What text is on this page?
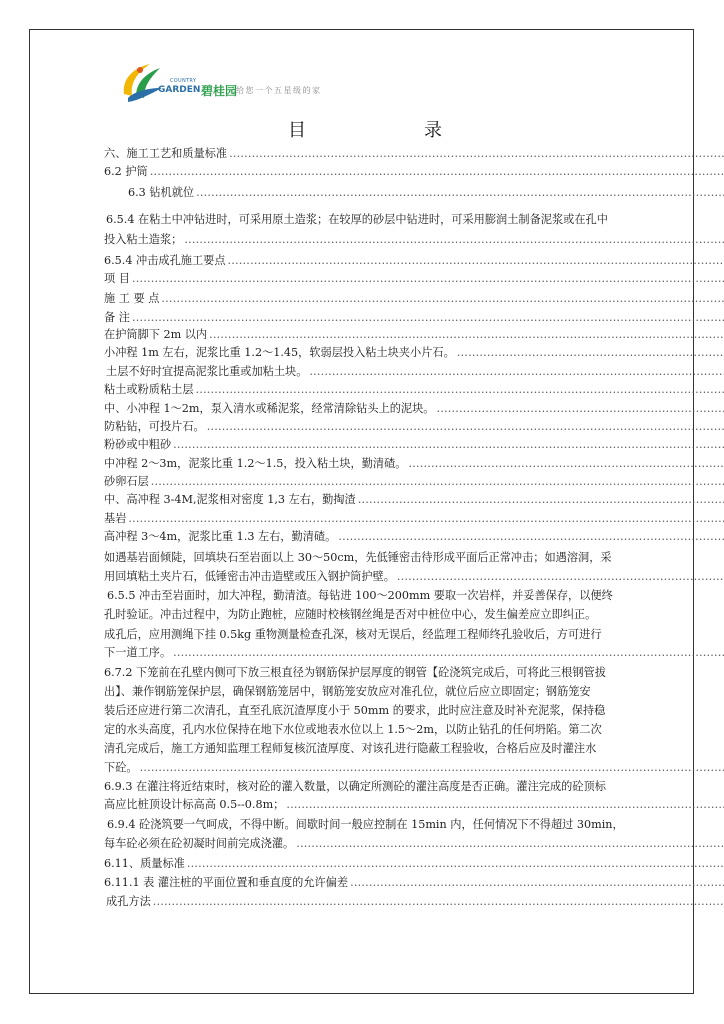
COUNTRY
GARDEN 碧桂园
给您一个五星级的家
目	录
六、施工工艺和质量标准 .....
6.2 护筒 .....
6.3 钻机就位 .....
6.5.4 在粘土中冲钻进时，可采用原土造浆；在较厚的砂层中钻进时，可采用膨润土制备泥浆或在孔中
投入粘土造浆； .....
6.5.4 冲击成孔施工要点 .....
项 目 .....
施 工 要 点 .....
备 注 .....
在护筒脚下 2m 以内 .....
小冲程 1m 左右，泥浆比重 1.2～1.45，软弱层投入粘土块夹小片石。 .....
土层不好时宜提高泥浆比重或加粘土块。 .....
粘土或粉质粘土层 .....
中、小冲程 1～2m，泵入清水或稀泥浆，经常清除钻头上的泥块。 .....
防粘钻，可投片石。 .....
粉砂或中粗砂 .....
中冲程 2～3m，泥浆比重 1.2～1.5，投入粘土块，勤清碴。 .....
砂卵石层 .....
中、高冲程 3-4M,泥浆相对密度 1,3 左右，勤掏渣 .....
基岩 .....
高冲程 3～4m，泥浆比重 1.3 左右，勤清碴。 .....
如遇基岩面倾陡，回填块石至岩面以上 30～50cm，先低锤密击待形成平面后正常冲击；如遇溶洞，采
用回填粘土夹片石，低锤密击冲击造壁或压入钢护筒护壁。 .....
6.5.5 冲击至岩面时，加大冲程，勤清渣。每钻进 100～200mm 要取一次岩样，并妥善保存，以便终
孔时验证。冲击过程中，为防止跑桩，应随时校核钢丝绳是否对中桩位中心，发生偏差应立即纠正。
成孔后，应用测绳下挂 0.5kg 重物测量检查孔深，核对无误后，经监理工程师终孔验收后，方可进行
下一道工序。 .....
6.7.2 下笼前在孔壁内侧可下放三根直径为钢筋保护层厚度的钢管【砼浇筑完成后，可将此三根钢管拔
出】、兼作钢筋笼保护层，确保钢筋笼居中，钢筋笼安放应对准孔位，就位后应立即固定；钢筋笼安
装后还应进行第二次清孔，直至孔底沉渣厚度小于 50mm 的要求，此时应注意及时补充泥浆，保持稳
定的水头高度，孔内水位保持在地下水位或地表水位以上 1.5～2m，以防止钻孔的任何坍陷。第二次
清孔完成后，施工方通知监理工程师复核沉渣厚度、对该孔进行隐蔽工程验收，合格后应及时灌注水
下砼。 .....
6.9.3 在灌注将近结束时，核对砼的灌入数量，以确定所测砼的灌注高度是否正确。灌注完成的砼顶标
高应比桩顶设计标高高 0.5--0.8m； .....
6.9.4 砼浇筑要一气呵成，不得中断。间歇时间一般应控制在 15min 内，任何情况下不得超过 30min，
每车砼必须在砼初凝时间前完成浇灌。 .....
6.11、质量标准 .....
6.11.1 表 灌注桩的平面位置和垂直度的允许偏差 .....
成孔方法 .....
